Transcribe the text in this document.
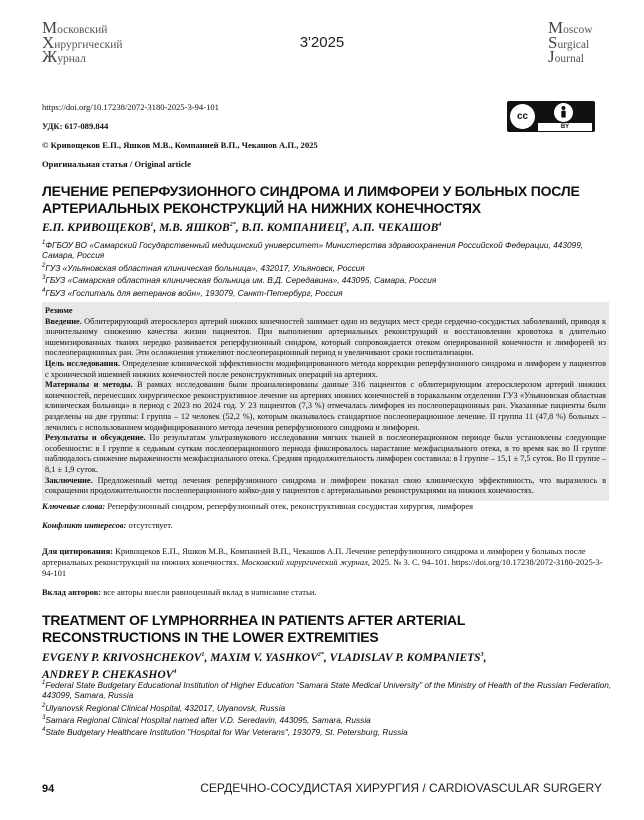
Московский
Хирургический
Журнал
3'2025
Moscow
Surgical
Journal
https://doi.org/10.17238/2072-3180-2025-3-94-101
УДК: 617-089.844
© Кривощеков Е.П., Яшков М.В., Компанией В.П., Чекашов А.П., 2025
Оригинальная статья / Original article
cc
BY
ЛЕЧЕНИЕ РЕПЕРФУЗИОННОГО СИНДРОМА И ЛИМФОРЕИ У БОЛЬНЫХ ПОСЛЕ АРТЕРИАЛЬНЫХ РЕКОНСТРУКЦИЙ НА НИЖНИХ КОНЕЧНОСТЯХ
Е.П. КРИВОЩЕКОВ$^1$, М.В. $ЯШКОВ^{2*}$, В.П. КОМПАНИЕЦ$^3$, А.П. ЧЕКАШОВ$^4$
$^1$ФГБОУ ВО «Самарский Государственный медицинский университет» Министерства здравоохранения Российской Федерации, 443099, Самара, Россия
$^2$ГУЗ «Ульяновская областная клиническая больница», 432017, Ульяновск, Россия
$^3$ГБУЗ «Самарская областная клиническая больница им. В.Д. Середавина», 443095, Самара, Россия
$^4$ГБУЗ «Госпиталь для ветеранов войн», 193079, Санкт-Петербург, Россия

Резюме

Введение. Облитерирующий атеросклероз артерий нижних конечностей занимает одно из ведущих мест среди сердечно-сосудистых заболеваний, приводя к значительному снижению качества жизни пациентов. При выполнении артериальных реконструкций и восстановлении кровотока в длительно ишемизированных тканях нередко развивается реперфузионный синдром, который сопровождается отеком оперированной конечности и лимфореей из послеоперационных ран. Эти осложнения утяжеляют послеоперационный период и увеличивают сроки госпитализации.

Цель исследования. Определение клинической эффективности модифицированного метода коррекции реперфузионного синдрома и лимфореи у пациентов с хронической ишемией нижних конечностей после реконструктивных операций на артериях.

Материалы и методы. В рамках исследования были проанализированы данные 316 пациентов с облитерирующим атеросклерозом артерий нижних конечностей, перенесших хирургическое реконструктивное лечение на артериях нижних конечностей в торакальном отделении ГУЗ «Ульяновская областная клиническая больница» в период с 2023 по 2024 год. У 23 пациентов (7,3 %) отмечалась лимфорея из послеоперационных ран. Указанные пациенты были разделены на две группы: I группа – 12 человек (52,2 %), которым оказывалось стандартное послеоперационное лечение. II группа 11 (47,8 %) больных – лечились с использованием модифицированного метода лечения реперфузионного синдрома и лимфореи.

Результаты и обсуждение. По результатам ультразвукового исследования мягких тканей в послеоперационном периоде были установлены следующие особенности: в I группе к седьмым суткам послеоперационного периода фиксировалось нарастание межфасциального отека, в то время как во II группе наблюдалось снижение выраженности межфасциального отека. Средняя продолжительность лимфореи составила: в I группе – 15,1 ± 7,5 суток. Во II группе – 8,1 ± 1,9 суток.

Заключение. Предложенный метод лечения реперфузионного синдрома и лимфореи показал свою клиническую эффективность, что выразилось в сокращении продолжительности послеоперационного койко-дня у пациентов с артериальными реконструкциями на нижних конечностях.

Ключевые слова: Реперфузионный синдром, реперфузионный отек, реконструктивная сосудистая хирургия, лимфорея
Конфликт интересов: отсутствует.
Для цитирования: Кривощеков Е.П., Яшков М.В., Компанией В.П., Чекашов А.П. Лечение реперфузионного синдрома и лимфореи у больных после артериальных реконструкций на нижних конечностях. Московский хирургический журнал, 2025. № 3. С. 94–101. https://doi.org/10.17238/2072-3180-2025-3-94-101
Вклад авторов: все авторы внесли равноценный вклад в написание статьи.
TREATMENT OF LYMPHORRHEA IN PATIENTS AFTER ARTERIAL RECONSTRUCTIONS IN THE LOWER EXTREMITIES
EVGENY P. KRIVOSHCHEKOV$^1$, MAXIM V. $YASHKOV^{2*}$, VLADISLAV P. KOMPANIETS$^3$,
ANDREY P. CHEKASHOV$^4$
$^1$Federal State Budgetary Educational Institution of Higher Education “Samara State Medical University” of the Ministry of Health of the Russian Federation, 443099, Samara, Russia
$^2$Ulyanovsk Regional Clinical Hospital, 432017, Ulyanovsk, Russia
$^3$Samara Regional Clinical Hospital named after V.D. Seredavin, 443095, Samara, Russia
$^4$State Budgetary Healthcare Institution "Hospital for War Veterans", 193079, St. Petersburg, Russia
94	СЕРДЕЧНО-СОСУДИСТАЯ ХИРУРГИЯ / CARDIOVASCULAR SURGERY
